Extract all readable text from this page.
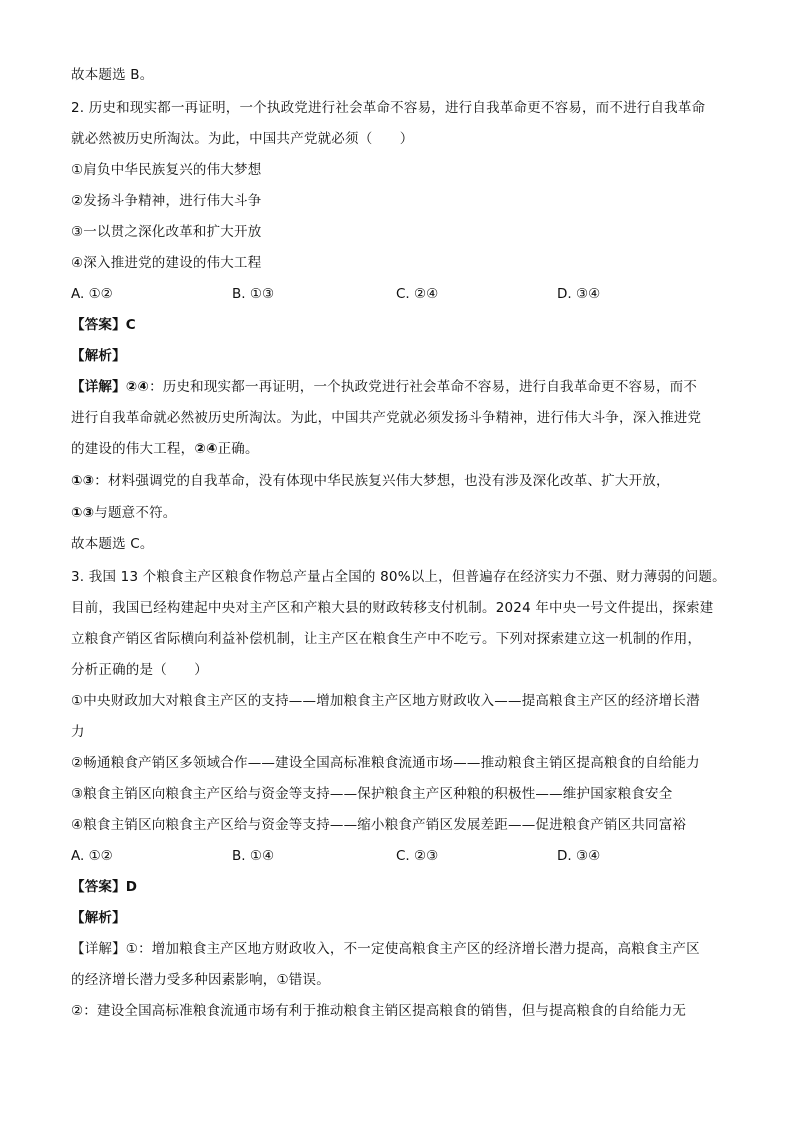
故本题选 B。
2. 历史和现实都一再证明，一个执政党进行社会革命不容易，进行自我革命更不容易，而不进行自我革命
就必然被历史所淘汰。为此，中国共产党就必须（　　）
①肩负中华民族复兴的伟大梦想
②发扬斗争精神，进行伟大斗争
③一以贯之深化改革和扩大开放
④深入推进党的建设的伟大工程
A. ①②	B. ①③	C. ②④	D. ③④
【答案】C
【解析】
【详解】②④：历史和现实都一再证明，一个执政党进行社会革命不容易，进行自我革命更不容易，而不
进行自我革命就必然被历史所淘汰。为此，中国共产党就必须发扬斗争精神，进行伟大斗争，深入推进党
的建设的伟大工程，②④正确。
①③：材料强调党的自我革命，没有体现中华民族复兴伟大梦想，也没有涉及深化改革、扩大开放，
①③与题意不符。
故本题选 C。
3. 我国 13 个粮食主产区粮食作物总产量占全国的 80%以上，但普遍存在经济实力不强、财力薄弱的问题。
目前，我国已经构建起中央对主产区和产粮大县的财政转移支付机制。2024 年中央一号文件提出，探索建
立粮食产销区省际横向利益补偿机制，让主产区在粮食生产中不吃亏。下列对探索建立这一机制的作用，
分析正确的是（　　）
①中央财政加大对粮食主产区的支持——增加粮食主产区地方财政收入——提高粮食主产区的经济增长潜
力
②畅通粮食产销区多领域合作——建设全国高标准粮食流通市场——推动粮食主销区提高粮食的自给能力
③粮食主销区向粮食主产区给与资金等支持——保护粮食主产区种粮的积极性——维护国家粮食安全
④粮食主销区向粮食主产区给与资金等支持——缩小粮食产销区发展差距——促进粮食产销区共同富裕
A. ①②	B. ①④	C. ②③	D. ③④
【答案】D
【解析】
【详解】①：增加粮食主产区地方财政收入，不一定使高粮食主产区的经济增长潜力提高，高粮食主产区
的经济增长潜力受多种因素影响，①错误。
②：建设全国高标准粮食流通市场有利于推动粮食主销区提高粮食的销售，但与提高粮食的自给能力无
